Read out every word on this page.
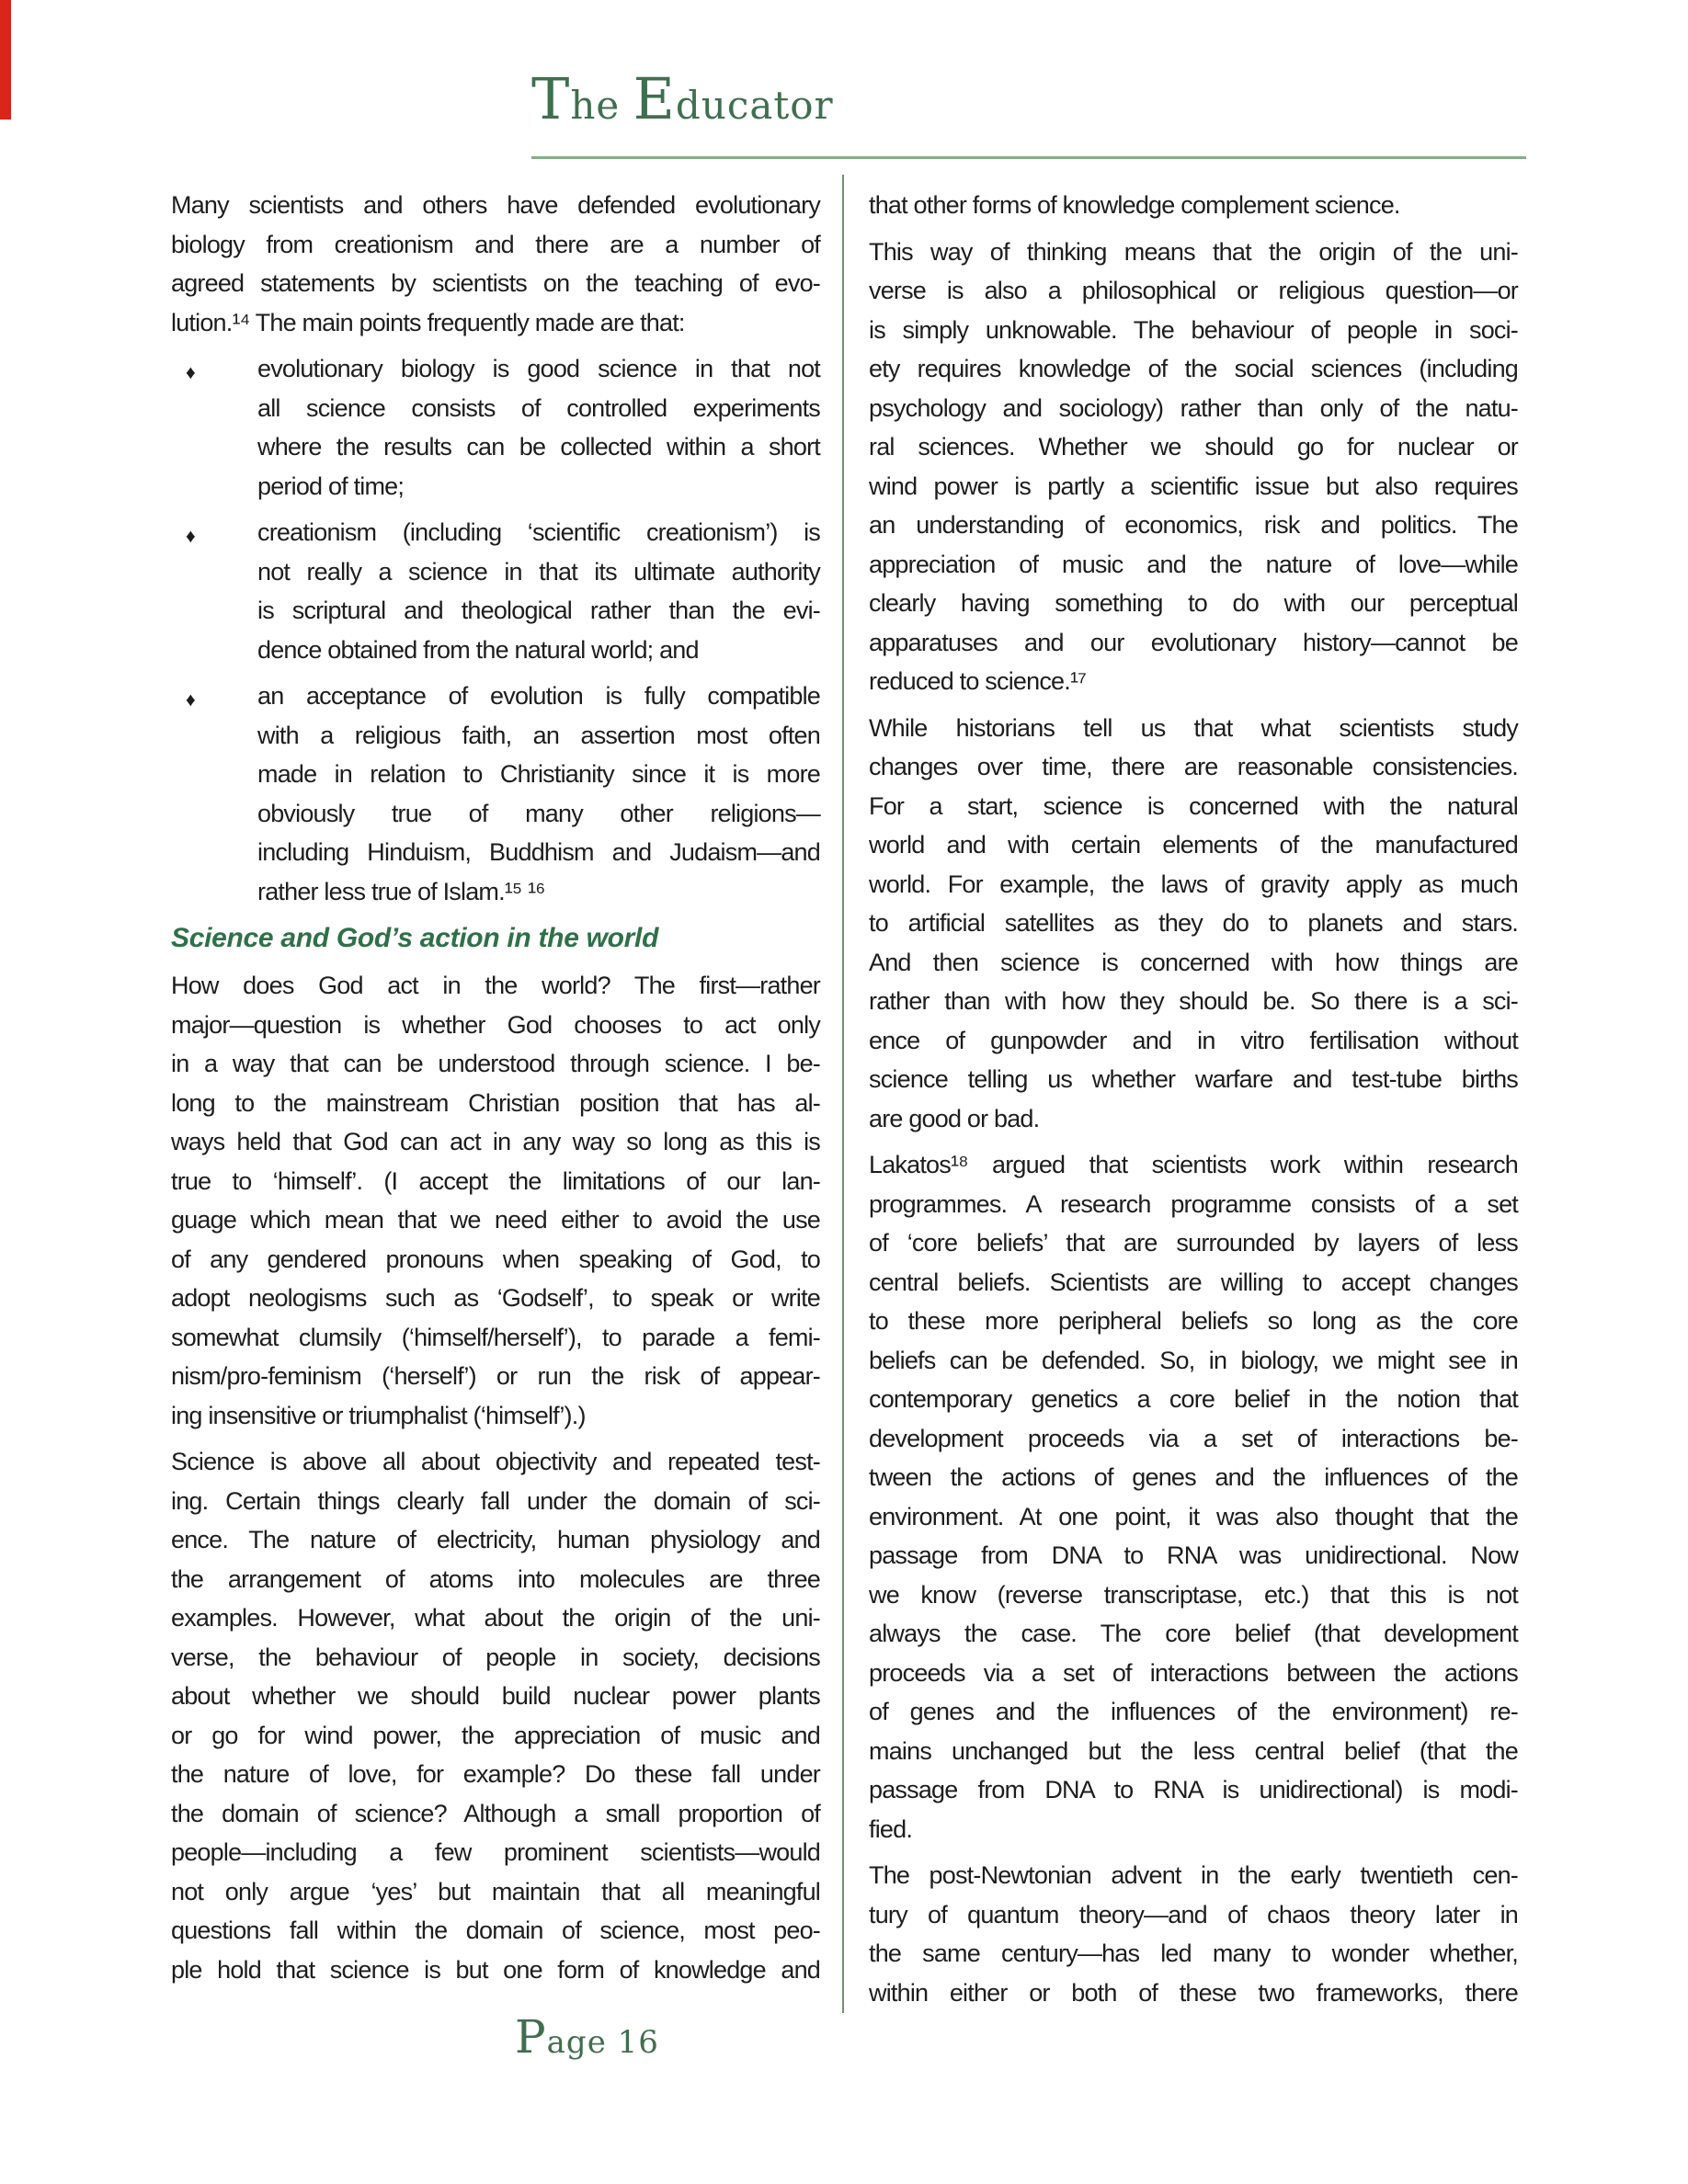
The Educator
Many scientists and others have defended evolutionary
biology from creationism and there are a number of
agreed statements by scientists on the teaching of evo-
lution.¹⁴ The main points frequently made are that:
♦ evolutionary biology is good science in that not
all science consists of controlled experiments
where the results can be collected within a short
period of time;
♦ creationism (including ‘scientific creationism’) is
not really a science in that its ultimate authority
is scriptural and theological rather than the evi-
dence obtained from the natural world; and
♦ an acceptance of evolution is fully compatible
with a religious faith, an assertion most often
made in relation to Christianity since it is more
obviously true of many other religions—
including Hinduism, Buddhism and Judaism—and
rather less true of Islam.¹⁵ ¹⁶
Science and God’s action in the world
How does God act in the world? The first—rather
major—question is whether God chooses to act only
in a way that can be understood through science. I be-
long to the mainstream Christian position that has al-
ways held that God can act in any way so long as this is
true to ‘himself’. (I accept the limitations of our lan-
guage which mean that we need either to avoid the use
of any gendered pronouns when speaking of God, to
adopt neologisms such as ‘Godself’, to speak or write
somewhat clumsily (‘himself/herself’), to parade a femi-
nism/pro-feminism (‘herself’) or run the risk of appear-
ing insensitive or triumphalist (‘himself’).)
Science is above all about objectivity and repeated test-
ing. Certain things clearly fall under the domain of sci-
ence. The nature of electricity, human physiology and
the arrangement of atoms into molecules are three
examples. However, what about the origin of the uni-
verse, the behaviour of people in society, decisions
about whether we should build nuclear power plants
or go for wind power, the appreciation of music and
the nature of love, for example? Do these fall under
the domain of science? Although a small proportion of
people—including a few prominent scientists—would
not only argue ‘yes’ but maintain that all meaningful
questions fall within the domain of science, most peo-
ple hold that science is but one form of knowledge and
that other forms of knowledge complement science.
This way of thinking means that the origin of the uni-
verse is also a philosophical or religious question—or
is simply unknowable. The behaviour of people in soci-
ety requires knowledge of the social sciences (including
psychology and sociology) rather than only of the natu-
ral sciences. Whether we should go for nuclear or
wind power is partly a scientific issue but also requires
an understanding of economics, risk and politics. The
appreciation of music and the nature of love—while
clearly having something to do with our perceptual
apparatuses and our evolutionary history—cannot be
reduced to science.¹⁷
While historians tell us that what scientists study
changes over time, there are reasonable consistencies.
For a start, science is concerned with the natural
world and with certain elements of the manufactured
world. For example, the laws of gravity apply as much
to artificial satellites as they do to planets and stars.
And then science is concerned with how things are
rather than with how they should be. So there is a sci-
ence of gunpowder and in vitro fertilisation without
science telling us whether warfare and test-tube births
are good or bad.
Lakatos¹⁸ argued that scientists work within research
programmes. A research programme consists of a set
of ‘core beliefs’ that are surrounded by layers of less
central beliefs. Scientists are willing to accept changes
to these more peripheral beliefs so long as the core
beliefs can be defended. So, in biology, we might see in
contemporary genetics a core belief in the notion that
development proceeds via a set of interactions be-
tween the actions of genes and the influences of the
environment. At one point, it was also thought that the
passage from DNA to RNA was unidirectional. Now
we know (reverse transcriptase, etc.) that this is not
always the case. The core belief (that development
proceeds via a set of interactions between the actions
of genes and the influences of the environment) re-
mains unchanged but the less central belief (that the
passage from DNA to RNA is unidirectional) is modi-
fied.
The post-Newtonian advent in the early twentieth cen-
tury of quantum theory—and of chaos theory later in
the same century—has led many to wonder whether,
within either or both of these two frameworks, there
Page 16
